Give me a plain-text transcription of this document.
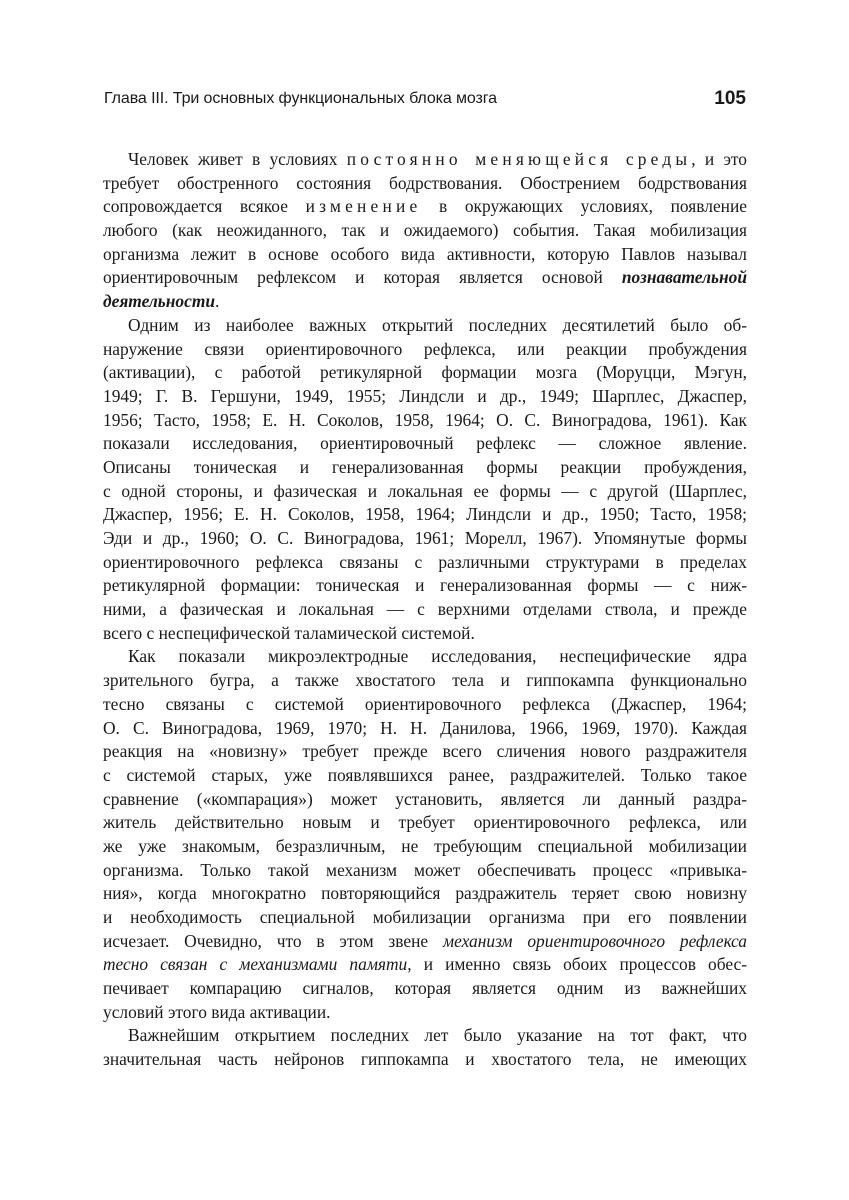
Глава III. Три основных функциональных блока мозга	105
Человек живет в условиях постоянно меняющейся среды, и это
требует обостренного состояния бодрствования. Обострением бодрствования
сопровождается всякое изменение в окружающих условиях, появление
любого (как неожиданного, так и ожидаемого) события. Такая мобилизация
организма лежит в основе особого вида активности, которую Павлов называл
ориентировочным рефлексом и которая является основой познавательной
деятельности.
Одним из наиболее важных открытий последних десятилетий было об-
наружение связи ориентировочного рефлекса, или реакции пробуждения
(активации), с работой ретикулярной формации мозга (Моруцци, Мэгун,
1949; Г. В. Гершуни, 1949, 1955; Линдсли и др., 1949; Шарплес, Джаспер,
1956; Тасто, 1958; Е. Н. Соколов, 1958, 1964; О. С. Виноградова, 1961). Как
показали исследования, ориентировочный рефлекс — сложное явление.
Описаны тоническая и генерализованная формы реакции пробуждения,
с одной стороны, и фазическая и локальная ее формы — с другой (Шарплес,
Джаспер, 1956; Е. Н. Соколов, 1958, 1964; Линдсли и др., 1950; Тасто, 1958;
Эди и др., 1960; О. С. Виноградова, 1961; Морелл, 1967). Упомянутые формы
ориентировочного рефлекса связаны с различными структурами в пределах
ретикулярной формации: тоническая и генерализованная формы — с ниж-
ними, а фазическая и локальная — с верхними отделами ствола, и прежде
всего с неспецифической таламической системой.
Как показали микроэлектродные исследования, неспецифические ядра
зрительного бугра, а также хвостатого тела и гиппокампа функционально
тесно связаны с системой ориентировочного рефлекса (Джаспер, 1964;
О. С. Виноградова, 1969, 1970; Н. Н. Данилова, 1966, 1969, 1970). Каждая
реакция на «новизну» требует прежде всего сличения нового раздражителя
с системой старых, уже появлявшихся ранее, раздражителей. Только такое
сравнение («компарация») может установить, является ли данный раздра-
житель действительно новым и требует ориентировочного рефлекса, или
же уже знакомым, безразличным, не требующим специальной мобилизации
организма. Только такой механизм может обеспечивать процесс «привыка-
ния», когда многократно повторяющийся раздражитель теряет свою новизну
и необходимость специальной мобилизации организма при его появлении
исчезает. Очевидно, что в этом звене механизм ориентировочного рефлекса
тесно связан с механизмами памяти, и именно связь обоих процессов обес-
печивает компарацию сигналов, которая является одним из важнейших
условий этого вида активации.
Важнейшим открытием последних лет было указание на тот факт, что
значительная часть нейронов гиппокампа и хвостатого тела, не имеющих
